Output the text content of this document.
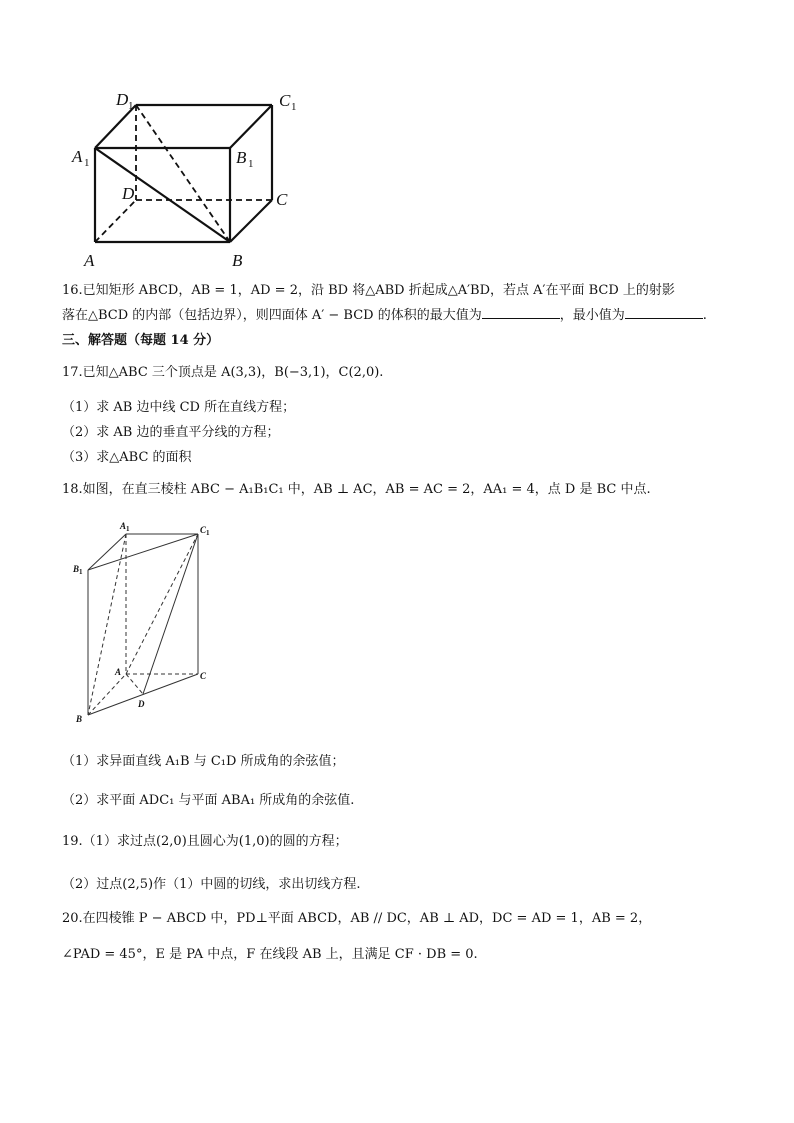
D 1	C 1
A 1	B 1
D	C
A	B
16.已知矩形 ABCD，AB = 1，AD = 2，沿 BD 将△ABD 折起成△A′BD，若点 A′在平面 BCD 上的射影
落在△BCD 的内部（包括边界），则四面体 A′ − BCD 的体积的最大值为	，最小值为	.
三、解答题（每题 14 分）
17.已知△ABC 三个顶点是 A(3,3)，B(−3,1)，C(2,0).
（1）求 AB 边中线 CD 所在直线方程；
（2）求 AB 边的垂直平分线的方程；
（3）求△ABC 的面积
18.如图，在直三棱柱 ABC − A₁B₁C₁ 中，AB ⊥ AC，AB = AC = 2，AA₁ = 4，点 D 是 BC 中点.
A 1	C 1
B 1
A	C
B
D
（1）求异面直线 A₁B 与 C₁D 所成角的余弦值；
（2）求平面 ADC₁ 与平面 ABA₁ 所成角的余弦值.
19.（1）求过点(2,0)且圆心为(1,0)的圆的方程；
（2）过点(2,5)作（1）中圆的切线，求出切线方程.
20.在四棱锥 P − ABCD 中，PD⊥平面 ABCD，AB // DC，AB ⊥ AD，DC = AD = 1，AB = 2，
∠PAD = 45°，E 是 PA 中点，F 在线段 AB 上，且满足 CF · DB = 0.
